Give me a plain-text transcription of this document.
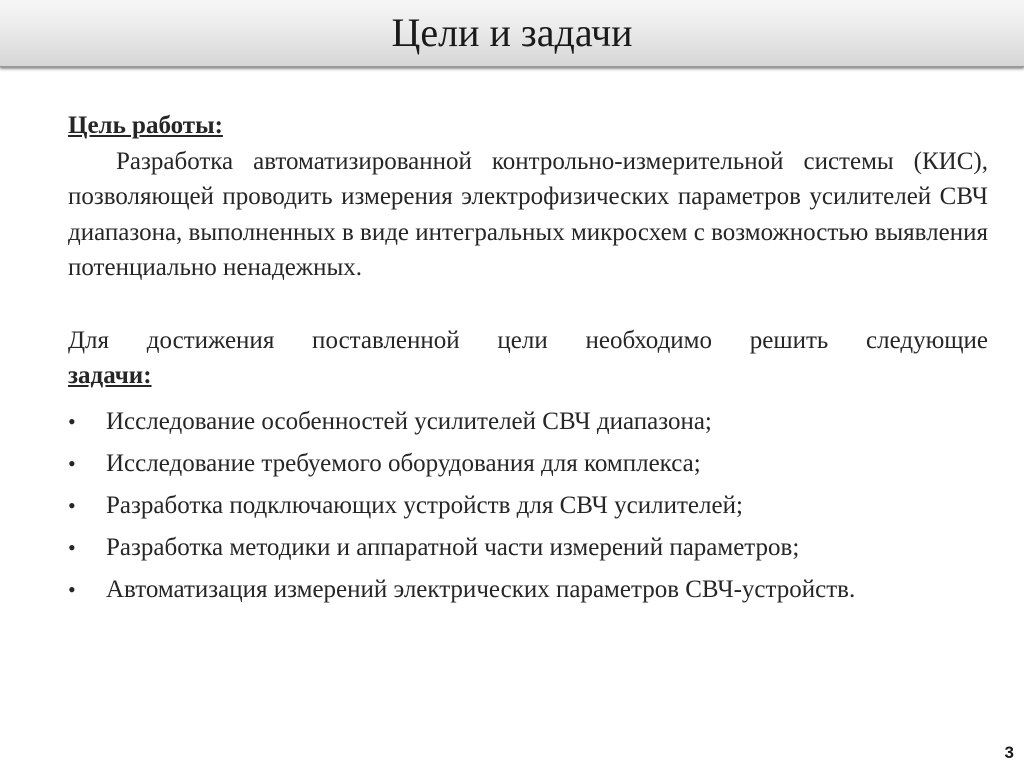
Цели и задачи

Цель работы:

Разработка автоматизированной контрольно-измерительной системы (КИС), позволяющей проводить измерения электрофизических параметров усилителей СВЧ диапазона, выполненных в виде интегральных микросхем с возможностью выявления потенциально ненадежных.

Для достижения поставленной цели необходимо решить следующие
задачи:

• Исследование особенностей усилителей СВЧ диапазона;
• Исследование требуемого оборудования для комплекса;
• Разработка подключающих устройств для СВЧ усилителей;
• Разработка методики и аппаратной части измерений параметров;
• Автоматизация измерений электрических параметров СВЧ-устройств.
3
